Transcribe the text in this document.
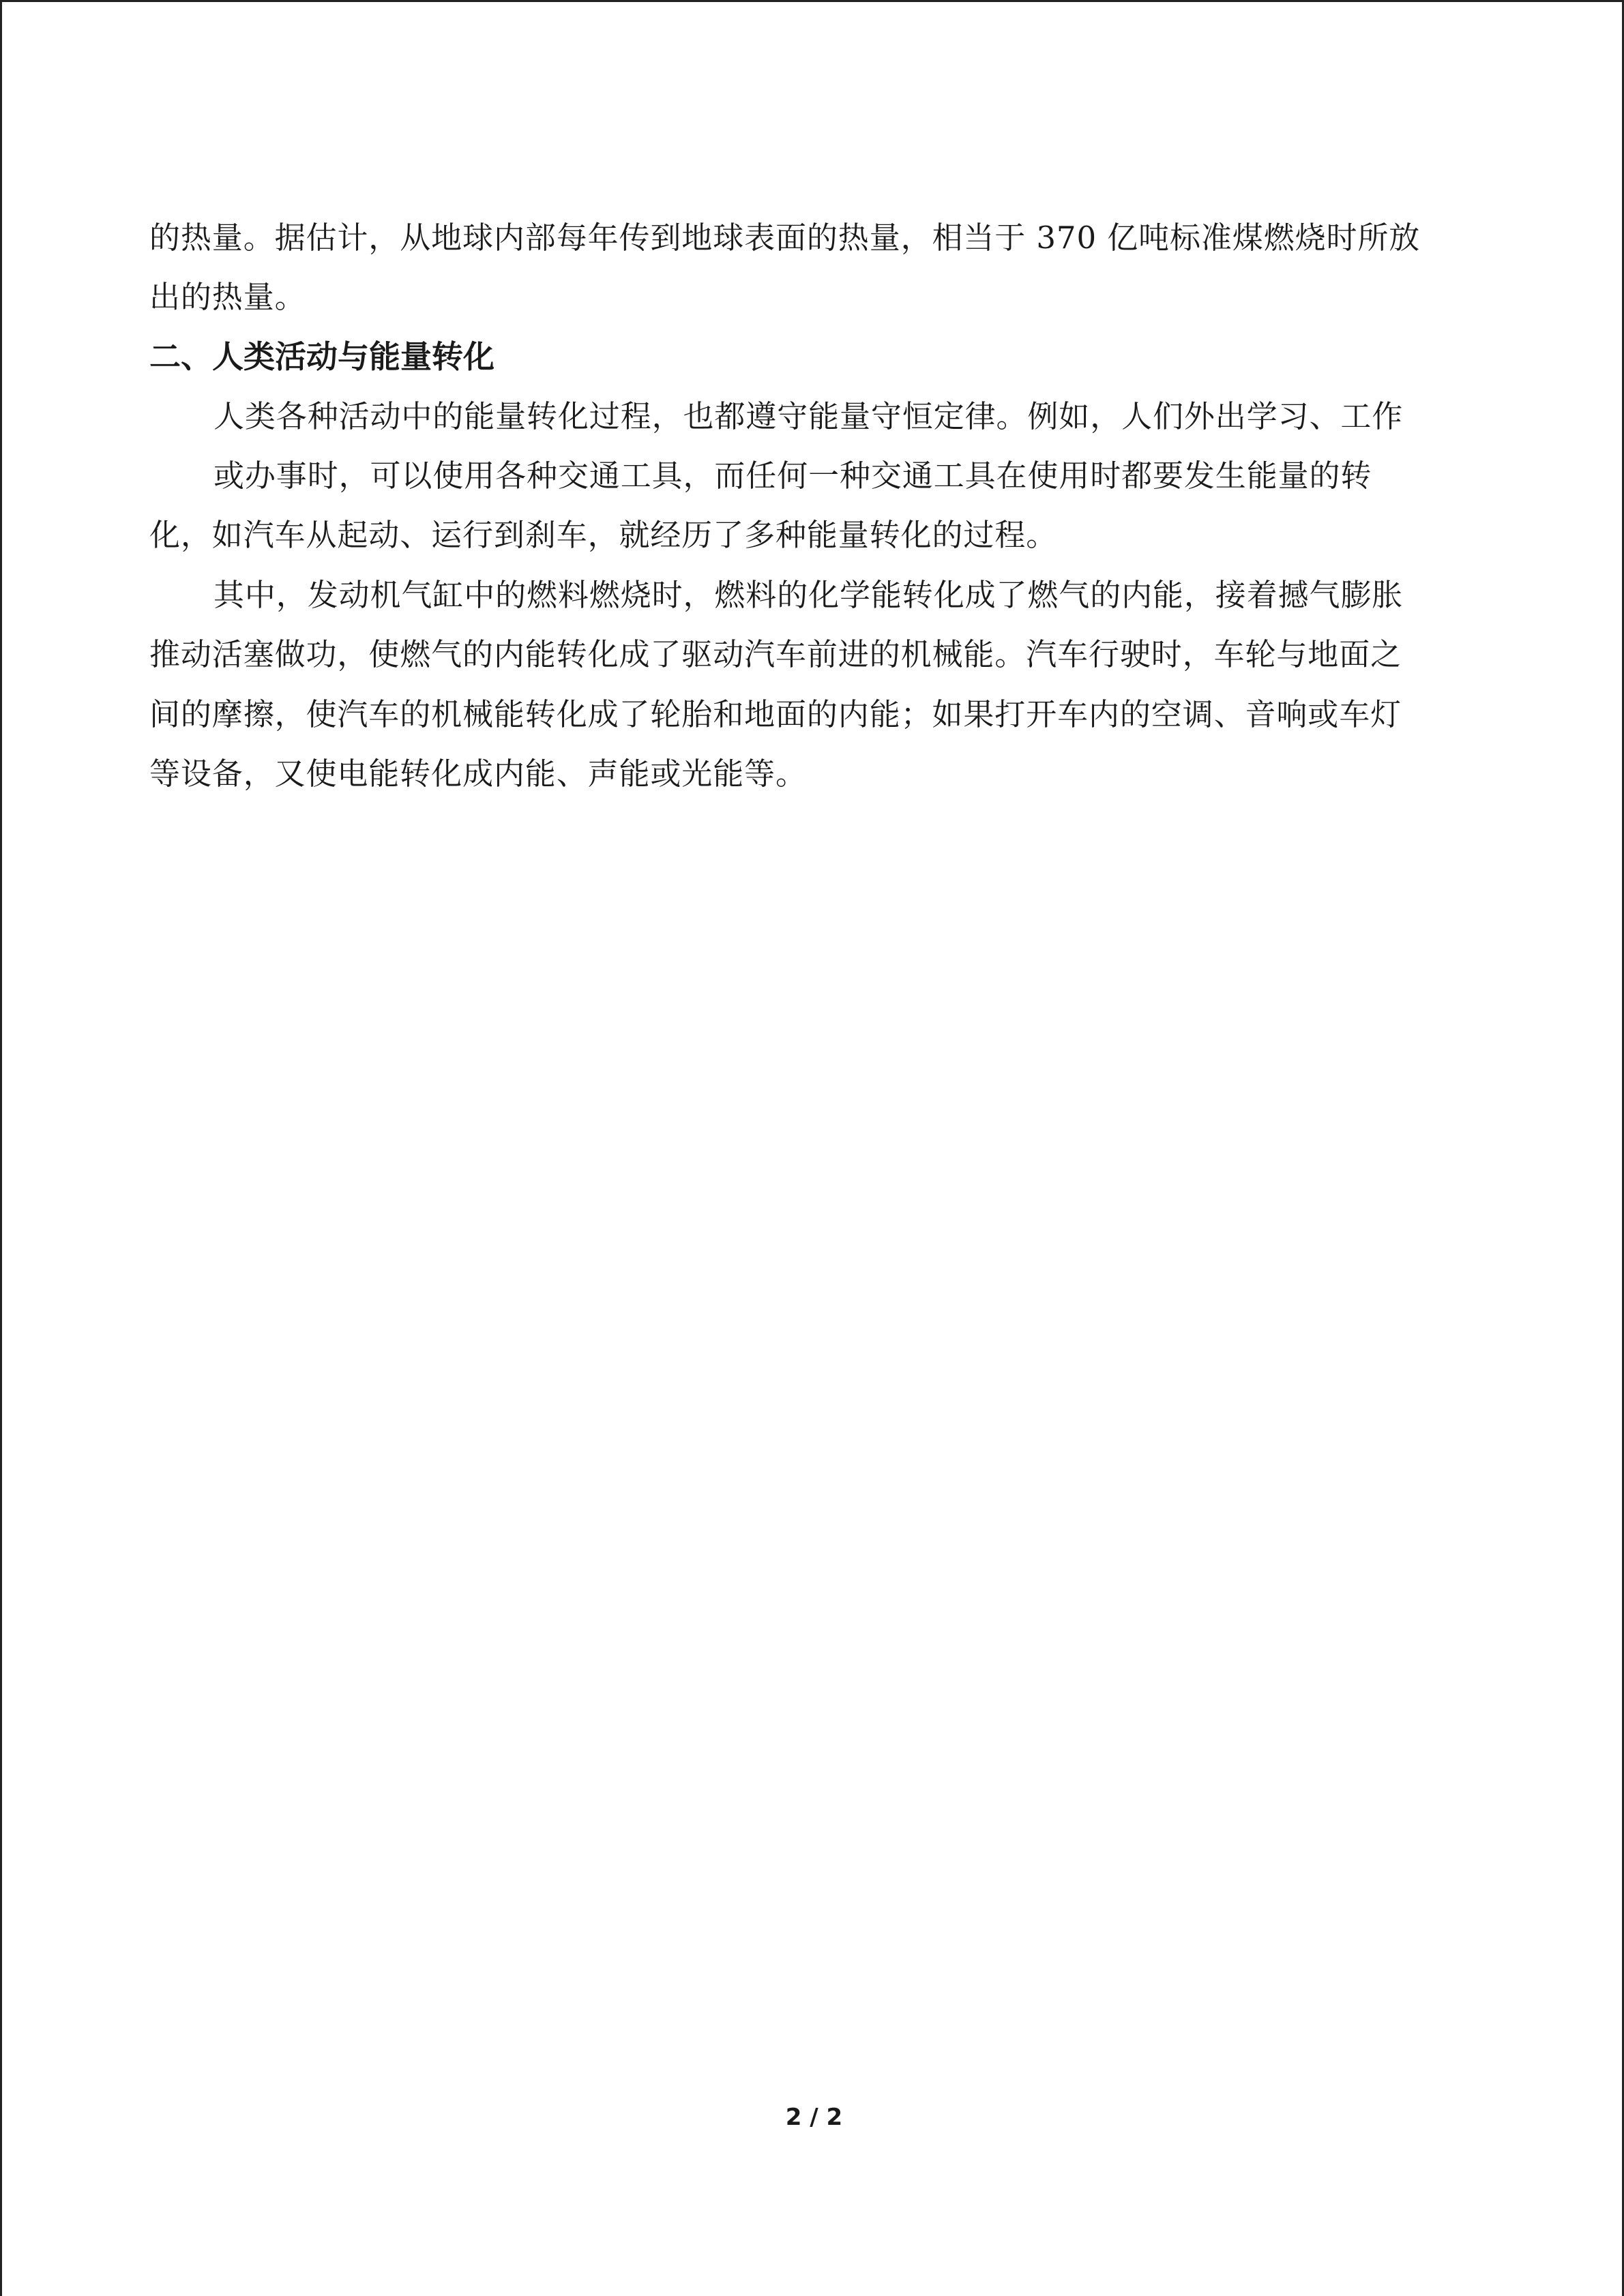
的热量。据估计，从地球内部每年传到地球表面的热量，相当于 370 亿吨标准煤燃烧时所放
出的热量。
二、人类活动与能量转化
人类各种活动中的能量转化过程，也都遵守能量守恒定律。例如，人们外出学习、工作
或办事时，可以使用各种交通工具，而任何一种交通工具在使用时都要发生能量的转
化，如汽车从起动、运行到刹车，就经历了多种能量转化的过程。
其中，发动机气缸中的燃料燃烧时，燃料的化学能转化成了燃气的内能，接着撼气膨胀
推动活塞做功，使燃气的内能转化成了驱动汽车前进的机械能。汽车行驶时，车轮与地面之
间的摩擦，使汽车的机械能转化成了轮胎和地面的内能；如果打开车内的空调、音响或车灯
等设备，又使电能转化成内能、声能或光能等。
2 / 2
